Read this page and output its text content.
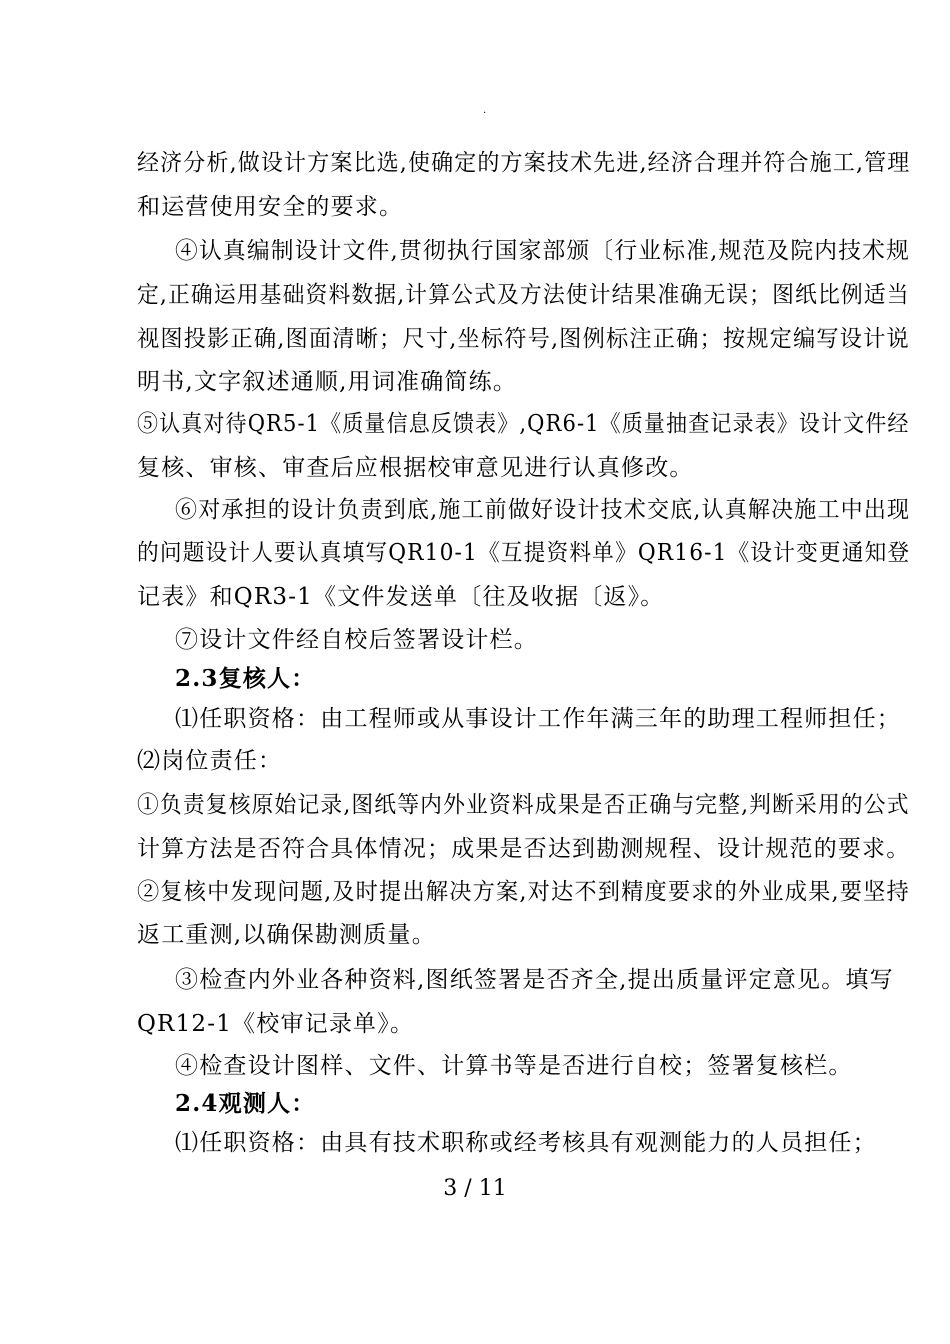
.
经济分析,做设计方案比选,使确定的方案技术先进,经济合理并符合施工,管理
和运营使用安全的要求。
④认真编制设计文件,贯彻执行国家部颁〔行业标准,规范及院内技术规
定,正确运用基础资料数据,计算公式及方法使计结果准确无误；图纸比例适当
视图投影正确,图面清晰；尺寸,坐标符号,图例标注正确；按规定编写设计说
明书,文字叙述通顺,用词准确简练。
⑤认真对待QR5-1《质量信息反馈表》,QR6-1《质量抽查记录表》设计文件经
复核、审核、审查后应根据校审意见进行认真修改。
⑥对承担的设计负责到底,施工前做好设计技术交底,认真解决施工中出现
的问题设计人要认真填写QR10-1《互提资料单》QR16-1《设计变更通知登
记表》和QR3-1《文件发送单〔往及收据〔返》。
⑦设计文件经自校后签署设计栏。
2.3复核人：
⑴任职资格：由工程师或从事设计工作年满三年的助理工程师担任；
⑵岗位责任：
①负责复核原始记录,图纸等内外业资料成果是否正确与完整,判断采用的公式
计算方法是否符合具体情况；成果是否达到勘测规程、设计规范的要求。
②复核中发现问题,及时提出解决方案,对达不到精度要求的外业成果,要坚持
返工重测,以确保勘测质量。
③检查内外业各种资料,图纸签署是否齐全,提出质量评定意见。填写
QR12-1《校审记录单》。
④检查设计图样、文件、计算书等是否进行自校；签署复核栏。
2.4观测人：
⑴任职资格：由具有技术职称或经考核具有观测能力的人员担任；
3 / 11
